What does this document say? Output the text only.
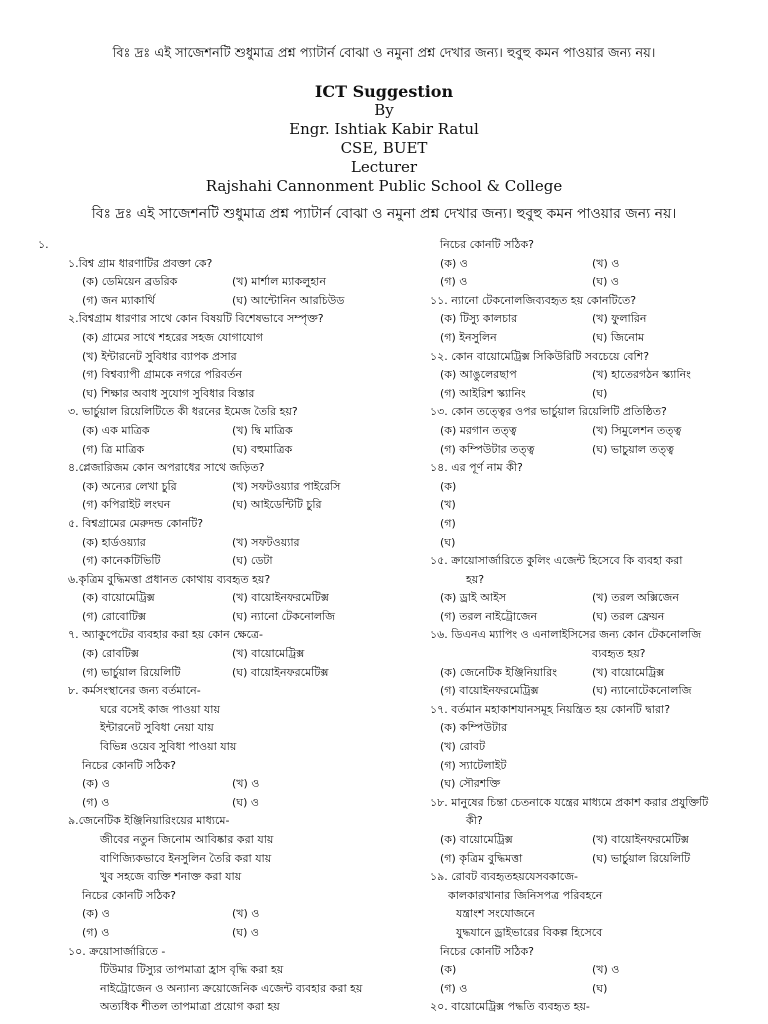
বিঃ দ্রঃ এই সাজেশনটি শুধুমাত্র প্রশ্ন প্যাটার্ন বোঝা ও নমুনা প্রশ্ন দেখার জন্য। হুবুহু কমন পাওয়ার জন্য নয়।
ICT Suggestion
By
Engr. Ishtiak Kabir Ratul
CSE, BUET
Lecturer
Rajshahi Cannonment Public School & College
বিঃ দ্রঃ এই সাজেশনটি শুধুমাত্র প্রশ্ন প্যাটার্ন বোঝা ও নমুনা প্রশ্ন দেখার জন্য। হুবুহু কমন পাওয়ার জন্য নয়।
১.
১.বিশ্ব গ্রাম ধারণাটির প্রবক্তা কে?
(ক) ডেমিয়েন ব্রডরিক	(খ) মার্শাল ম্যাকলুহান
(গ) জন ম্যাকার্থি	(ঘ) আন্টোনিন আরচিউড
২.বিশ্বগ্রাম ধারণার সাথে কোন বিষয়টি বিশেষভাবে সম্পৃক্ত?
(ক) গ্রামের সাথে শহরের সহজ যোগাযোগ
(খ) ইন্টারনেট সুবিধার ব্যাপক প্রসার
(গ) বিশ্বব্যাপী গ্রামকে নগরে পরিবর্তন
(ঘ) শিক্ষার অবাধ সুযোগ সুবিধার বিস্তার
৩. ভার্চুয়াল রিয়েলিটিতে কী ধরনের ইমেজ তৈরি হয়?
(ক) এক মাত্রিক	(খ) দ্বি মাত্রিক
(গ) ত্রি মাত্রিক	(ঘ) বহুমাত্রিক
৪.প্লেজারিজম কোন অপরাধের সাথে জড়িত?
(ক) অন্যের লেখা চুরি	(খ) সফটওয়্যার পাইরেসি
(গ) কপিরাইট লংঘন	(ঘ) আইডেন্টিটি চুরি
৫. বিশ্বগ্রামের মেরুদন্ড কোনটি?
(ক) হার্ডওয়্যার	(খ) সফটওয়্যার
(গ) কানেকটিভিটি	(ঘ) ডেটা
৬.কৃত্রিম বুদ্ধিমত্তা প্রধানত কোথায় ব্যবহৃত হয়?
(ক) বায়োমেট্রিক্স	(খ) বায়োইনফরমেটিক্স
(গ) রোবোটিক্স	(ঘ) ন্যানো টেকনোলজি
৭. অ্যাকুপেটের ব্যবহার করা হয় কোন ক্ষেত্রে-
(ক) রোবটিক্স	(খ) বায়োমেট্রিক্স
(গ) ভার্চুয়াল রিয়েলিটি	(ঘ) বায়োইনফরমেটিক্স
৮. কর্মসংস্থানের জন্য বর্তমানে-
ঘরে বসেই কাজ পাওয়া যায়
ইন্টারনেট সুবিধা নেয়া যায়
বিভিন্ন ওয়েব সুবিধা পাওয়া যায়
নিচের কোনটি সঠিক?
(ক) ও	(খ) ও
(গ) ও	(ঘ) ও
৯.জেনেটিক ইঞ্জিনিয়ারিংয়ের মাধ্যমে-
জীবের নতুন জিনোম আবিষ্কার করা যায়
বাণিজ্যিকভাবে ইনসুলিন তৈরি করা যায়
খুব সহজে ব্যক্তি শনাক্ত করা যায়
নিচের কোনটি সঠিক?
(ক) ও	(খ) ও
(গ) ও	(ঘ) ও
১০. ক্রয়োসার্জারিতে -
টিউমার টিস্যুর তাপমাত্রা হ্রাস বৃদ্ধি করা হয়
নাইট্রোজেন ও অন্যান্য ক্রয়োজেনিক এজেন্ট ব্যবহার করা হয়
অত্যধিক শীতল তাপমাত্রা প্রয়োগ করা হয়
নিচের কোনটি সঠিক?
(ক) ও	(খ) ও
(গ) ও	(ঘ) ও
১১. ন্যানো টেকনোলজিব্যবহৃত হয় কোনটিতে?
(ক) টিস্যু কালচার	(খ) ফুলারিন
(গ) ইনসুলিন	(ঘ) জিনোম
১২. কোন বায়োমেট্রিক্স সিকিউরিটি সবচেয়ে বেশি?
(ক) আঙুলেরছাপ	(খ) হাতেরগঠন স্ক্যানিং
(গ) আইরিশ স্ক্যানিং	(ঘ)
১৩. কোন তত্ত্বের ওপর ভার্চুয়াল রিয়েলিটি প্রতিষ্ঠিত?
(ক) মরগান তত্ত্ব	(খ) সিমুলেশন তত্ত্ব
(গ) কম্পিউটার তত্ত্ব	(ঘ) ভাচুয়াল তত্ত্ব
১৪. এর পূর্ণ নাম কী?
(ক)
(খ)
(গ)
(ঘ)
১৫. ক্রায়োসার্জারিতে কুলিং এজেন্ট হিসেবে কি ব্যবহা করা
হয়?
(ক) ড্রাই আইস	(খ) তরল অক্সিজেন
(গ) তরল নাইট্রোজেন	(ঘ) তরল ফ্রেয়ন
১৬. ডিএনএ ম্যাপিং ও এনালাইসিসের জন্য কোন টেকনোলজি
ব্যবহৃত হয়?
(ক) জেনেটিক ইঞ্জিনিয়ারিং	(খ) বায়োমেট্রিক্স
(গ) বায়োইনফরমেট্রিক্স	(ঘ) ন্যানোটেকনোলজি
১৭. বর্তমান মহাকাশযানসমূহ নিয়ন্ত্রিত হয় কোনটি দ্বারা?
(ক) কম্পিউটার
(খ) রোবট
(গ) স্যাটেলাইট
(ঘ) সৌরশক্তি
১৮. মানুষের চিন্তা চেতনাকে যন্ত্রের মাধ্যমে প্রকাশ করার প্রযুক্তিটি
কী?
(ক) বায়োমেট্রিক্স	(খ) বায়োইনফরমেটিক্স
(গ) কৃত্রিম বুদ্ধিমত্তা	(ঘ) ভার্চুয়াল রিয়েলিটি
১৯. রোবট ব্যবহৃতহয়যেসবকাজে-
কালকারখানার জিনিসপত্র পরিবহনে
যন্ত্রাংশ সংযোজনে
যুদ্ধযানে ড্রাইভারের বিকল্প হিসেবে
নিচের কোনটি সঠিক?
(ক)	(খ) ও
(গ) ও	(ঘ)
২০. বায়োমেট্রিক্স পদ্ধতি ব্যবহৃত হয়-
